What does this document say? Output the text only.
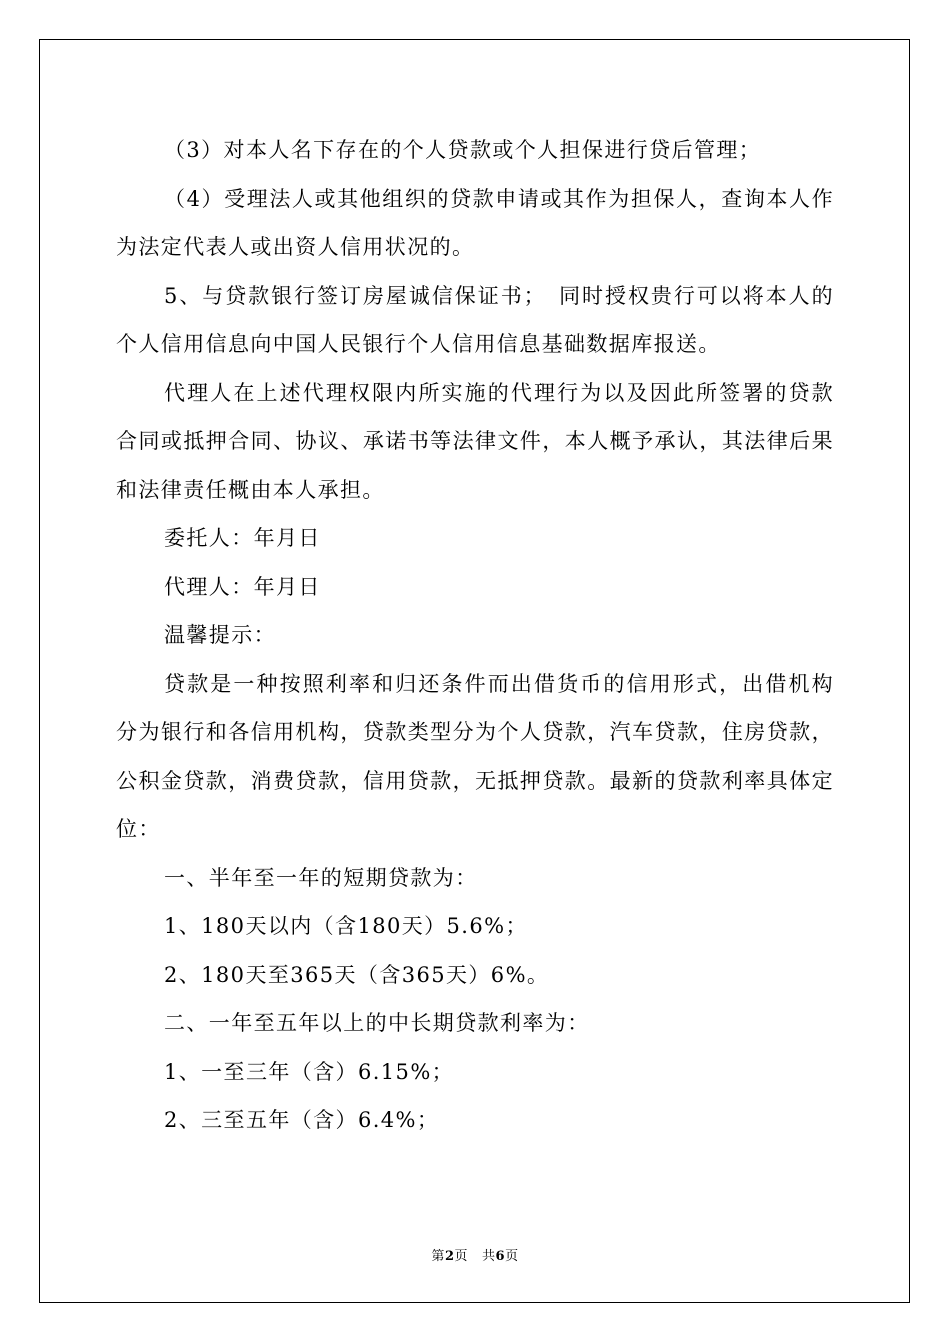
（3）对本人名下存在的个人贷款或个人担保进行贷后管理；

（4）受理法人或其他组织的贷款申请或其作为担保人，查询本人作为法定代表人或出资人信用状况的。

5、与贷款银行签订房屋诚信保证书；　同时授权贵行可以将本人的个人信用信息向中国人民银行个人信用信息基础数据库报送。

代理人在上述代理权限内所实施的代理行为以及因此所签署的贷款合同或抵押合同、协议、承诺书等法律文件，本人概予承认，其法律后果和法律责任概由本人承担。

委托人：年月日

代理人：年月日

温馨提示：

贷款是一种按照利率和归还条件而出借货币的信用形式，出借机构分为银行和各信用机构，贷款类型分为个人贷款，汽车贷款，住房贷款，公积金贷款，消费贷款，信用贷款，无抵押贷款。最新的贷款利率具体定位：

一、半年至一年的短期贷款为：

1、180天以内（含180天）5.6%；

2、180天至365天（含365天）6%。

二、一年至五年以上的中长期贷款利率为：

1、一至三年（含）6.15%；

2、三至五年（含）6.4%；

第2页 共6页
